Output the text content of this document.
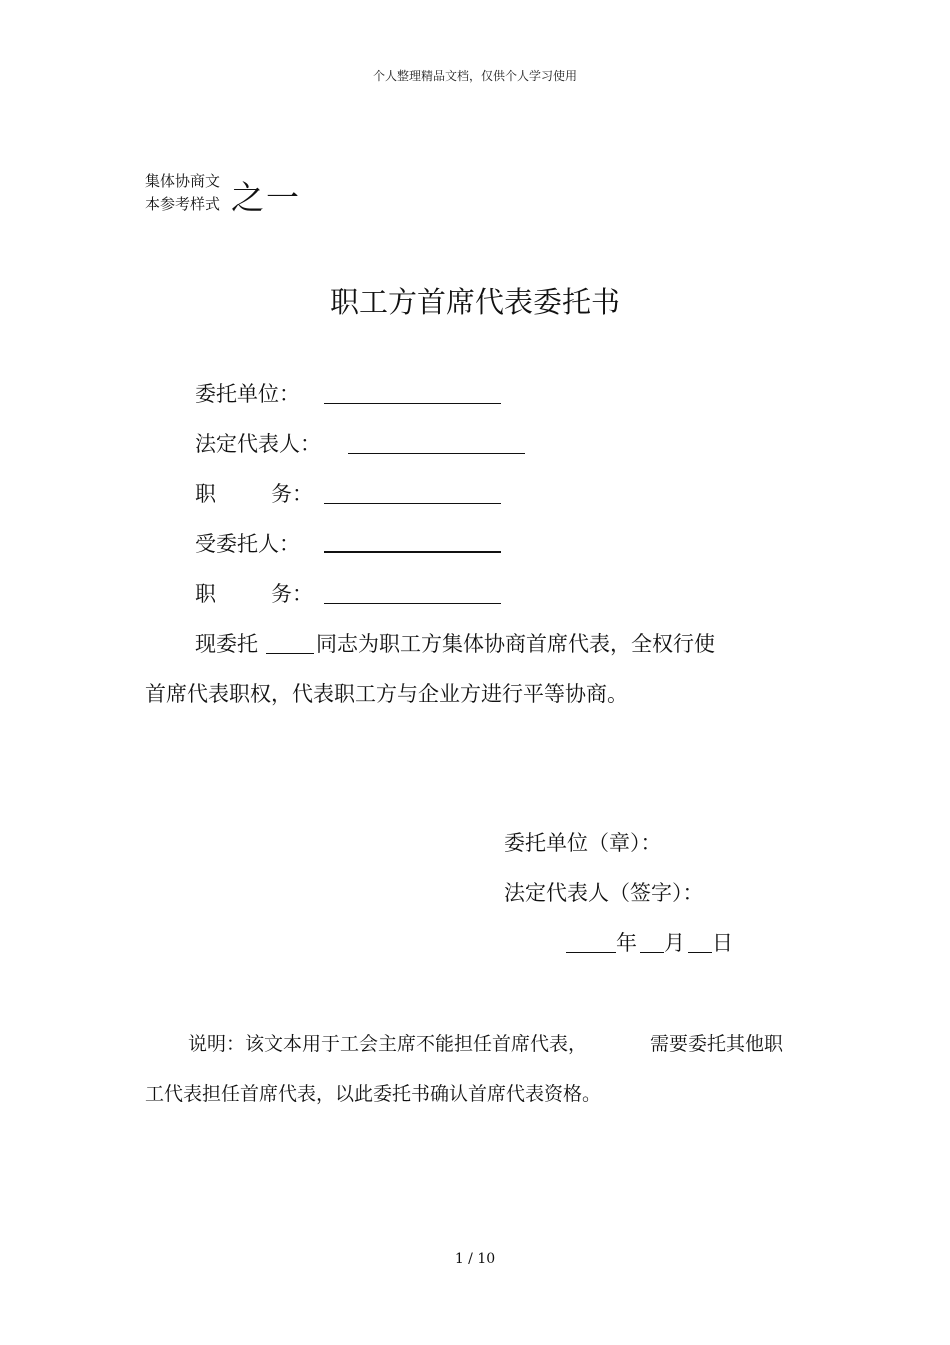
个人整理精品文档，仅供个人学习使用
集体协商文
本参考样式 之一
职工方首席代表委托书
委托单位：
法定代表人：
职	务：
受委托人：
职	务：
现委托	同志为职工方集体协商首席代表，全权行使
首席代表职权，代表职工方与企业方进行平等协商。
委托单位（章）：
法定代表人（签字）：
年 月 日
说明：该文本用于工会主席不能担任首席代表，	需要委托其他职
工代表担任首席代表，以此委托书确认首席代表资格。
1 / 10
